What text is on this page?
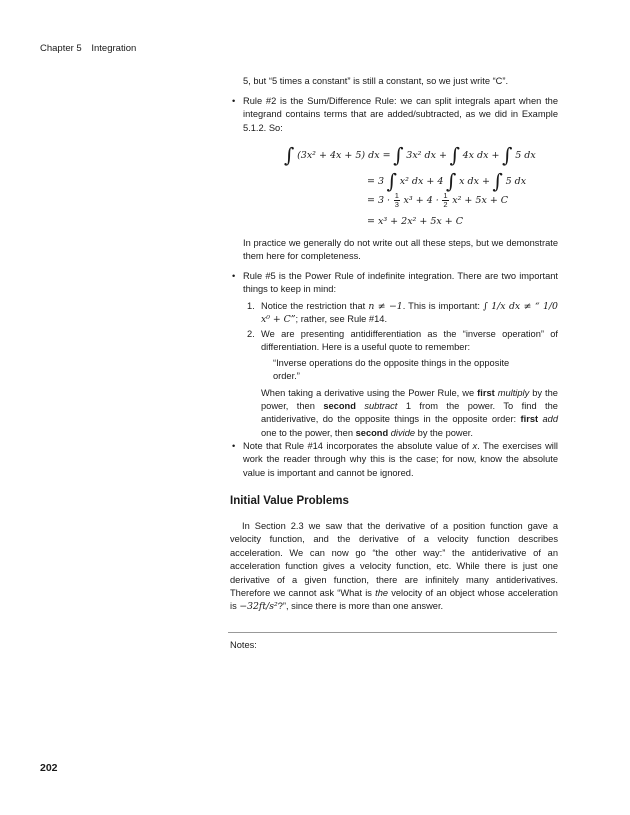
Chapter 5 Integration

5, but “5 times a constant” is still a constant, so we just write “C”.

• Rule #2 is the Sum/Difference Rule: we can split integrals apart when the integrand contains terms that are added/subtracted, as we did in Example 5.1.2. So:

∫ (3x² + 4x + 5) dx = ∫ 3x² dx + ∫ 4x dx + ∫ 5 dx
= 3 ∫ x² dx + 4 ∫ x dx + ∫ 5 dx
= $3 \cdot \frac{1}{3} x^3 + 4 \cdot \frac{1}{2} x^2 + 5x + C$
= x³ + 2x² + 5x + C

In practice we generally do not write out all these steps, but we demonstrate them here for completeness.

• Rule #5 is the Power Rule of indefinite integration. There are two important things to keep in mind:

1. Notice the restriction that n ≠ −1. This is important: ∫ 1/x dx ≠ “ 1/0 x⁰ + C”; rather, see Rule #14.

2. We are presenting antidifferentiation as the “inverse operation” of differentiation. Here is a useful quote to remember:

“Inverse operations do the opposite things in the opposite order.”

When taking a derivative using the Power Rule, we first multiply by the power, then second subtract 1 from the power. To find the antiderivative, do the opposite things in the opposite order: first add one to the power, then second divide by the power.

• Note that Rule #14 incorporates the absolute value of x. The exercises will work the reader through why this is the case; for now, know the absolute value is important and cannot be ignored.

Initial Value Problems

In Section 2.3 we saw that the derivative of a position function gave a velocity function, and the derivative of a velocity function describes acceleration. We can now go “the other way:” the antiderivative of an acceleration function gives a velocity function, etc. While there is just one derivative of a given function, there are infinitely many antiderivatives. Therefore we cannot ask “What is the velocity of an object whose acceleration is −32ft/s²?”, since there is more than one answer.

Notes:
202
